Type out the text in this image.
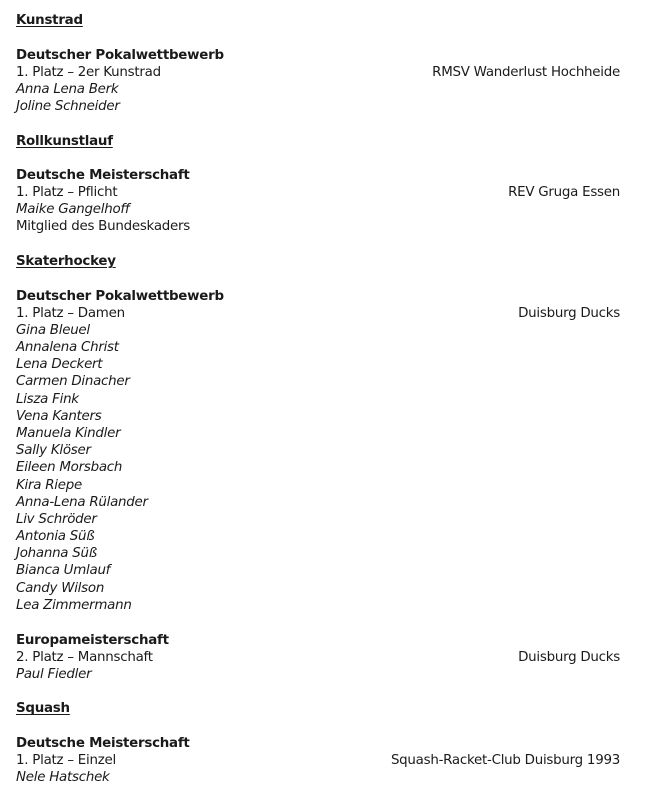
Kunstrad
Deutscher Pokalwettbewerb
1. Platz – 2er Kunstrad	RMSV Wanderlust Hochheide
Anna Lena Berk
Joline Schneider
Rollkunstlauf
Deutsche Meisterschaft
1. Platz – Pflicht	REV Gruga Essen
Maike Gangelhoff
Mitglied des Bundeskaders
Skaterhockey
Deutscher Pokalwettbewerb
1. Platz – Damen	Duisburg Ducks
Gina Bleuel
Annalena Christ
Lena Deckert
Carmen Dinacher
Lisza Fink
Vena Kanters
Manuela Kindler
Sally Klöser
Eileen Morsbach
Kira Riepe
Anna-Lena Rülander
Liv Schröder
Antonia Süß
Johanna Süß
Bianca Umlauf
Candy Wilson
Lea Zimmermann
Europameisterschaft
2. Platz – Mannschaft	Duisburg Ducks
Paul Fiedler
Squash
Deutsche Meisterschaft
1. Platz – Einzel	Squash-Racket-Club Duisburg 1993
Nele Hatschek
